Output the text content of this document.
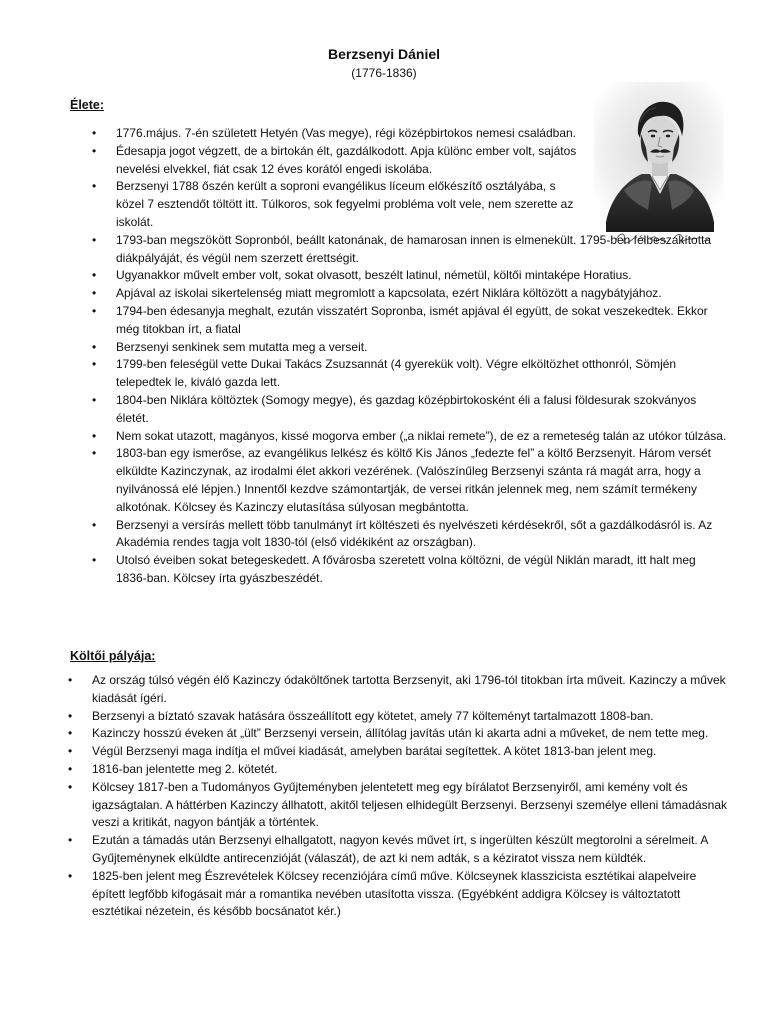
Berzsenyi Dániel
(1776-1836)
Élete:
• 1776.május. 7-én született Hetyén (Vas megye), régi középbirtokos nemesi családban.
• Édesapja jogot végzett, de a birtokán élt, gazdálkodott. Apja különc ember volt, sajátos nevelési elvekkel, fiát csak 12 éves korától engedi iskolába.
• Berzsenyi 1788 őszén került a soproni evangélikus líceum előkészítő osztályába, s közel 7 esztendőt töltött itt. Túlkoros, sok fegyelmi probléma volt vele, nem szerette az iskolát.
• 1793-ban megszökött Sopronból, beállt katonának, de hamarosan innen is elmenekült. 1795-ben félbeszakította diákpályáját, és végül nem szerzett érettségit.
• Ugyanakkor művelt ember volt, sokat olvasott, beszélt latinul, németül, költői mintaképe Horatius.
• Apjával az iskolai sikertelenség miatt megromlott a kapcsolata, ezért Niklára költözött a nagybátyjához.
• 1794-ben édesanyja meghalt, ezután visszatért Sopronba, ismét apjával él együtt, de sokat veszekedtek. Ekkor még titokban írt, a fiatal
• Berzsenyi senkinek sem mutatta meg a verseit.
• 1799-ben feleségül vette Dukai Takács Zsuzsannát (4 gyerekük volt). Végre elköltözhet otthonról, Sömjén telepedtek le, kiváló gazda lett.
• 1804-ben Niklára költöztek (Somogy megye), és gazdag középbirtokosként éli a falusi földesurak szokványos életét.
• Nem sokat utazott, magányos, kissé mogorva ember („a niklai remete”), de ez a remeteség talán az utókor túlzása.
• 1803-ban egy ismerőse, az evangélikus lelkész és költő Kis János „fedezte fel” a költő Berzsenyit. Három versét elküldte Kazinczynak, az irodalmi élet akkori vezérének. (Valószínűleg Berzsenyi szánta rá magát arra, hogy a nyilvánossá elé lépjen.) Innentől kezdve számontartják, de versei ritkán jelennek meg, nem számít termékeny alkotónak. Kölcsey és Kazinczy elutasítása súlyosan megbántotta.
• Berzsenyi a versírás mellett több tanulmányt írt költészeti és nyelvészeti kérdésekről, sőt a gazdálkodásról is. Az Akadémia rendes tagja volt 1830-tól (első vidékiként az országban).
• Utolsó éveiben sokat betegeskedett. A fővárosba szeretett volna költözni, de végül Niklán maradt, itt halt meg 1836-ban. Kölcsey írta gyászbeszédét.
Költői pályája:
• Az ország túlsó végén élő Kazinczy ódaköltőnek tartotta Berzsenyit, aki 1796-tól titokban írta műveit. Kazinczy a művek kiadását ígéri.
• Berzsenyi a bíztató szavak hatására összeállított egy kötetet, amely 77 költeményt tartalmazott 1808-ban.
• Kazinczy hosszú éveken át „ült” Berzsenyi versein, állítólag javítás után ki akarta adni a műveket, de nem tette meg.
• Végül Berzsenyi maga indítja el művei kiadását, amelyben barátai segítettek. A kötet 1813-ban jelent meg.
• 1816-ban jelentette meg 2. kötetét.
• Kölcsey 1817-ben a Tudományos Gyűjteményben jelentetett meg egy bírálatot Berzsenyiről, ami kemény volt és igazságtalan. A háttérben Kazinczy állhatott, akitől teljesen elhidegült Berzsenyi. Berzsenyi személye elleni támadásnak veszi a kritikát, nagyon bántják a történtek.
• Ezután a támadás után Berzsenyi elhallgatott, nagyon kevés művet írt, s ingerülten készült megtorolni a sérelmeit. A Gyűjteménynek elküldte antirecenzióját (válaszát), de azt ki nem adták, s a kéziratot vissza nem küldték.
• 1825-ben jelent meg Észrevételek Kölcsey recenziójára című műve. Kölcseynek klasszicista esztétikai alapelveire épített legfőbb kifogásait már a romantika nevében utasította vissza. (Egyébként addigra Kölcsey is változtatott esztétikai nézetein, és később bocsánatot kér.)
